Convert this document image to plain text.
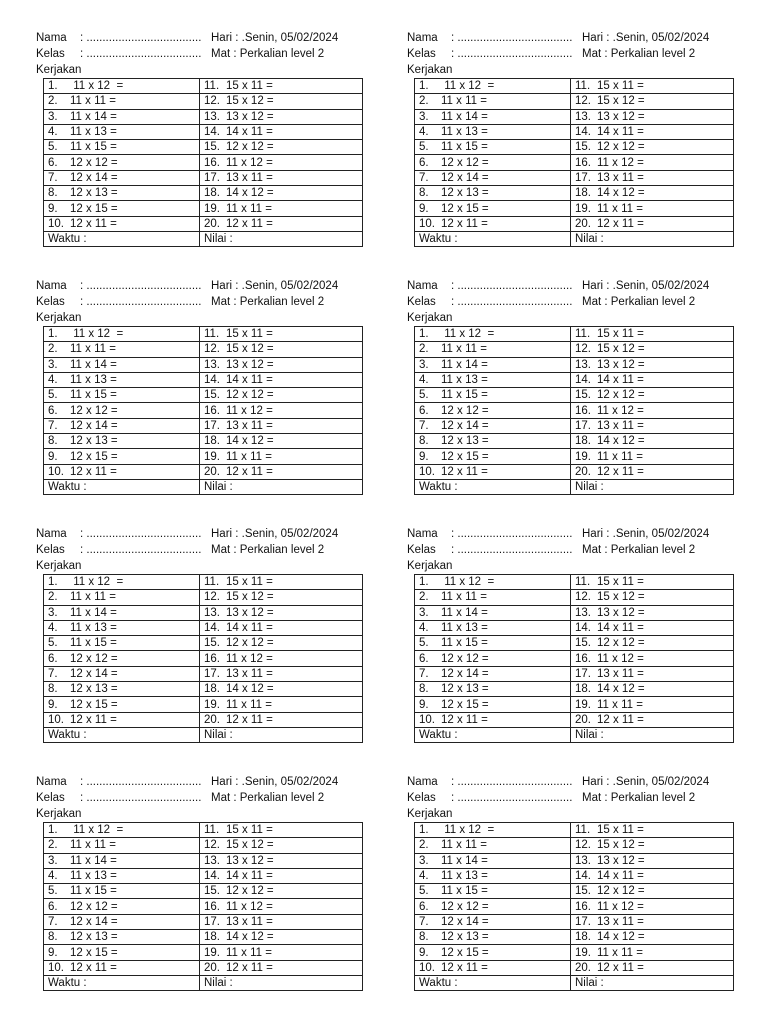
Nama	: .................................... Hari : .Senin, 05/02/2024
Kelas	: .................................... Mat : Perkalian level 2
Kerjakan
1. 11 x 12  =	11. 15 x 11 =
2. 11 x 11 =	12. 15 x 12 =
3. 11 x 14 =	13. 13 x 12 =
4. 11 x 13 =	14. 14 x 11 =
5. 11 x 15 =	15. 12 x 12 =
6. 12 x 12 =	16. 11 x 12 =
7. 12 x 14 =	17. 13 x 11 =
8. 12 x 13 =	18. 14 x 12 =
9. 12 x 15 =	19. 11 x 11 =
10. 12 x 11 =	20. 12 x 11 =
Waktu :	Nilai :
Nama	: .................................... Hari : .Senin, 05/02/2024
Kelas	: .................................... Mat : Perkalian level 2
Kerjakan
1. 11 x 12  =	11. 15 x 11 =
2. 11 x 11 =	12. 15 x 12 =
3. 11 x 14 =	13. 13 x 12 =
4. 11 x 13 =	14. 14 x 11 =
5. 11 x 15 =	15. 12 x 12 =
6. 12 x 12 =	16. 11 x 12 =
7. 12 x 14 =	17. 13 x 11 =
8. 12 x 13 =	18. 14 x 12 =
9. 12 x 15 =	19. 11 x 11 =
10. 12 x 11 =	20. 12 x 11 =
Waktu :	Nilai :
Nama	: .................................... Hari : .Senin, 05/02/2024
Kelas	: .................................... Mat : Perkalian level 2
Kerjakan
1. 11 x 12  =	11. 15 x 11 =
2. 11 x 11 =	12. 15 x 12 =
3. 11 x 14 =	13. 13 x 12 =
4. 11 x 13 =	14. 14 x 11 =
5. 11 x 15 =	15. 12 x 12 =
6. 12 x 12 =	16. 11 x 12 =
7. 12 x 14 =	17. 13 x 11 =
8. 12 x 13 =	18. 14 x 12 =
9. 12 x 15 =	19. 11 x 11 =
10. 12 x 11 =	20. 12 x 11 =
Waktu :	Nilai :
Nama	: .................................... Hari : .Senin, 05/02/2024
Kelas	: .................................... Mat : Perkalian level 2
Kerjakan
1. 11 x 12  =	11. 15 x 11 =
2. 11 x 11 =	12. 15 x 12 =
3. 11 x 14 =	13. 13 x 12 =
4. 11 x 13 =	14. 14 x 11 =
5. 11 x 15 =	15. 12 x 12 =
6. 12 x 12 =	16. 11 x 12 =
7. 12 x 14 =	17. 13 x 11 =
8. 12 x 13 =	18. 14 x 12 =
9. 12 x 15 =	19. 11 x 11 =
10. 12 x 11 =	20. 12 x 11 =
Waktu :	Nilai :
Nama	: .................................... Hari : .Senin, 05/02/2024
Kelas	: .................................... Mat : Perkalian level 2
Kerjakan
1. 11 x 12  =	11. 15 x 11 =
2. 11 x 11 =	12. 15 x 12 =
3. 11 x 14 =	13. 13 x 12 =
4. 11 x 13 =	14. 14 x 11 =
5. 11 x 15 =	15. 12 x 12 =
6. 12 x 12 =	16. 11 x 12 =
7. 12 x 14 =	17. 13 x 11 =
8. 12 x 13 =	18. 14 x 12 =
9. 12 x 15 =	19. 11 x 11 =
10. 12 x 11 =	20. 12 x 11 =
Waktu :	Nilai :
Nama	: .................................... Hari : .Senin, 05/02/2024
Kelas	: .................................... Mat : Perkalian level 2
Kerjakan
1. 11 x 12  =	11. 15 x 11 =
2. 11 x 11 =	12. 15 x 12 =
3. 11 x 14 =	13. 13 x 12 =
4. 11 x 13 =	14. 14 x 11 =
5. 11 x 15 =	15. 12 x 12 =
6. 12 x 12 =	16. 11 x 12 =
7. 12 x 14 =	17. 13 x 11 =
8. 12 x 13 =	18. 14 x 12 =
9. 12 x 15 =	19. 11 x 11 =
10. 12 x 11 =	20. 12 x 11 =
Waktu :	Nilai :
Nama	: .................................... Hari : .Senin, 05/02/2024
Kelas	: .................................... Mat : Perkalian level 2
Kerjakan
1. 11 x 12  =	11. 15 x 11 =
2. 11 x 11 =	12. 15 x 12 =
3. 11 x 14 =	13. 13 x 12 =
4. 11 x 13 =	14. 14 x 11 =
5. 11 x 15 =	15. 12 x 12 =
6. 12 x 12 =	16. 11 x 12 =
7. 12 x 14 =	17. 13 x 11 =
8. 12 x 13 =	18. 14 x 12 =
9. 12 x 15 =	19. 11 x 11 =
10. 12 x 11 =	20. 12 x 11 =
Waktu :	Nilai :
Nama	: .................................... Hari : .Senin, 05/02/2024
Kelas	: .................................... Mat : Perkalian level 2
Kerjakan
1. 11 x 12  =	11. 15 x 11 =
2. 11 x 11 =	12. 15 x 12 =
3. 11 x 14 =	13. 13 x 12 =
4. 11 x 13 =	14. 14 x 11 =
5. 11 x 15 =	15. 12 x 12 =
6. 12 x 12 =	16. 11 x 12 =
7. 12 x 14 =	17. 13 x 11 =
8. 12 x 13 =	18. 14 x 12 =
9. 12 x 15 =	19. 11 x 11 =
10. 12 x 11 =	20. 12 x 11 =
Waktu :	Nilai :
